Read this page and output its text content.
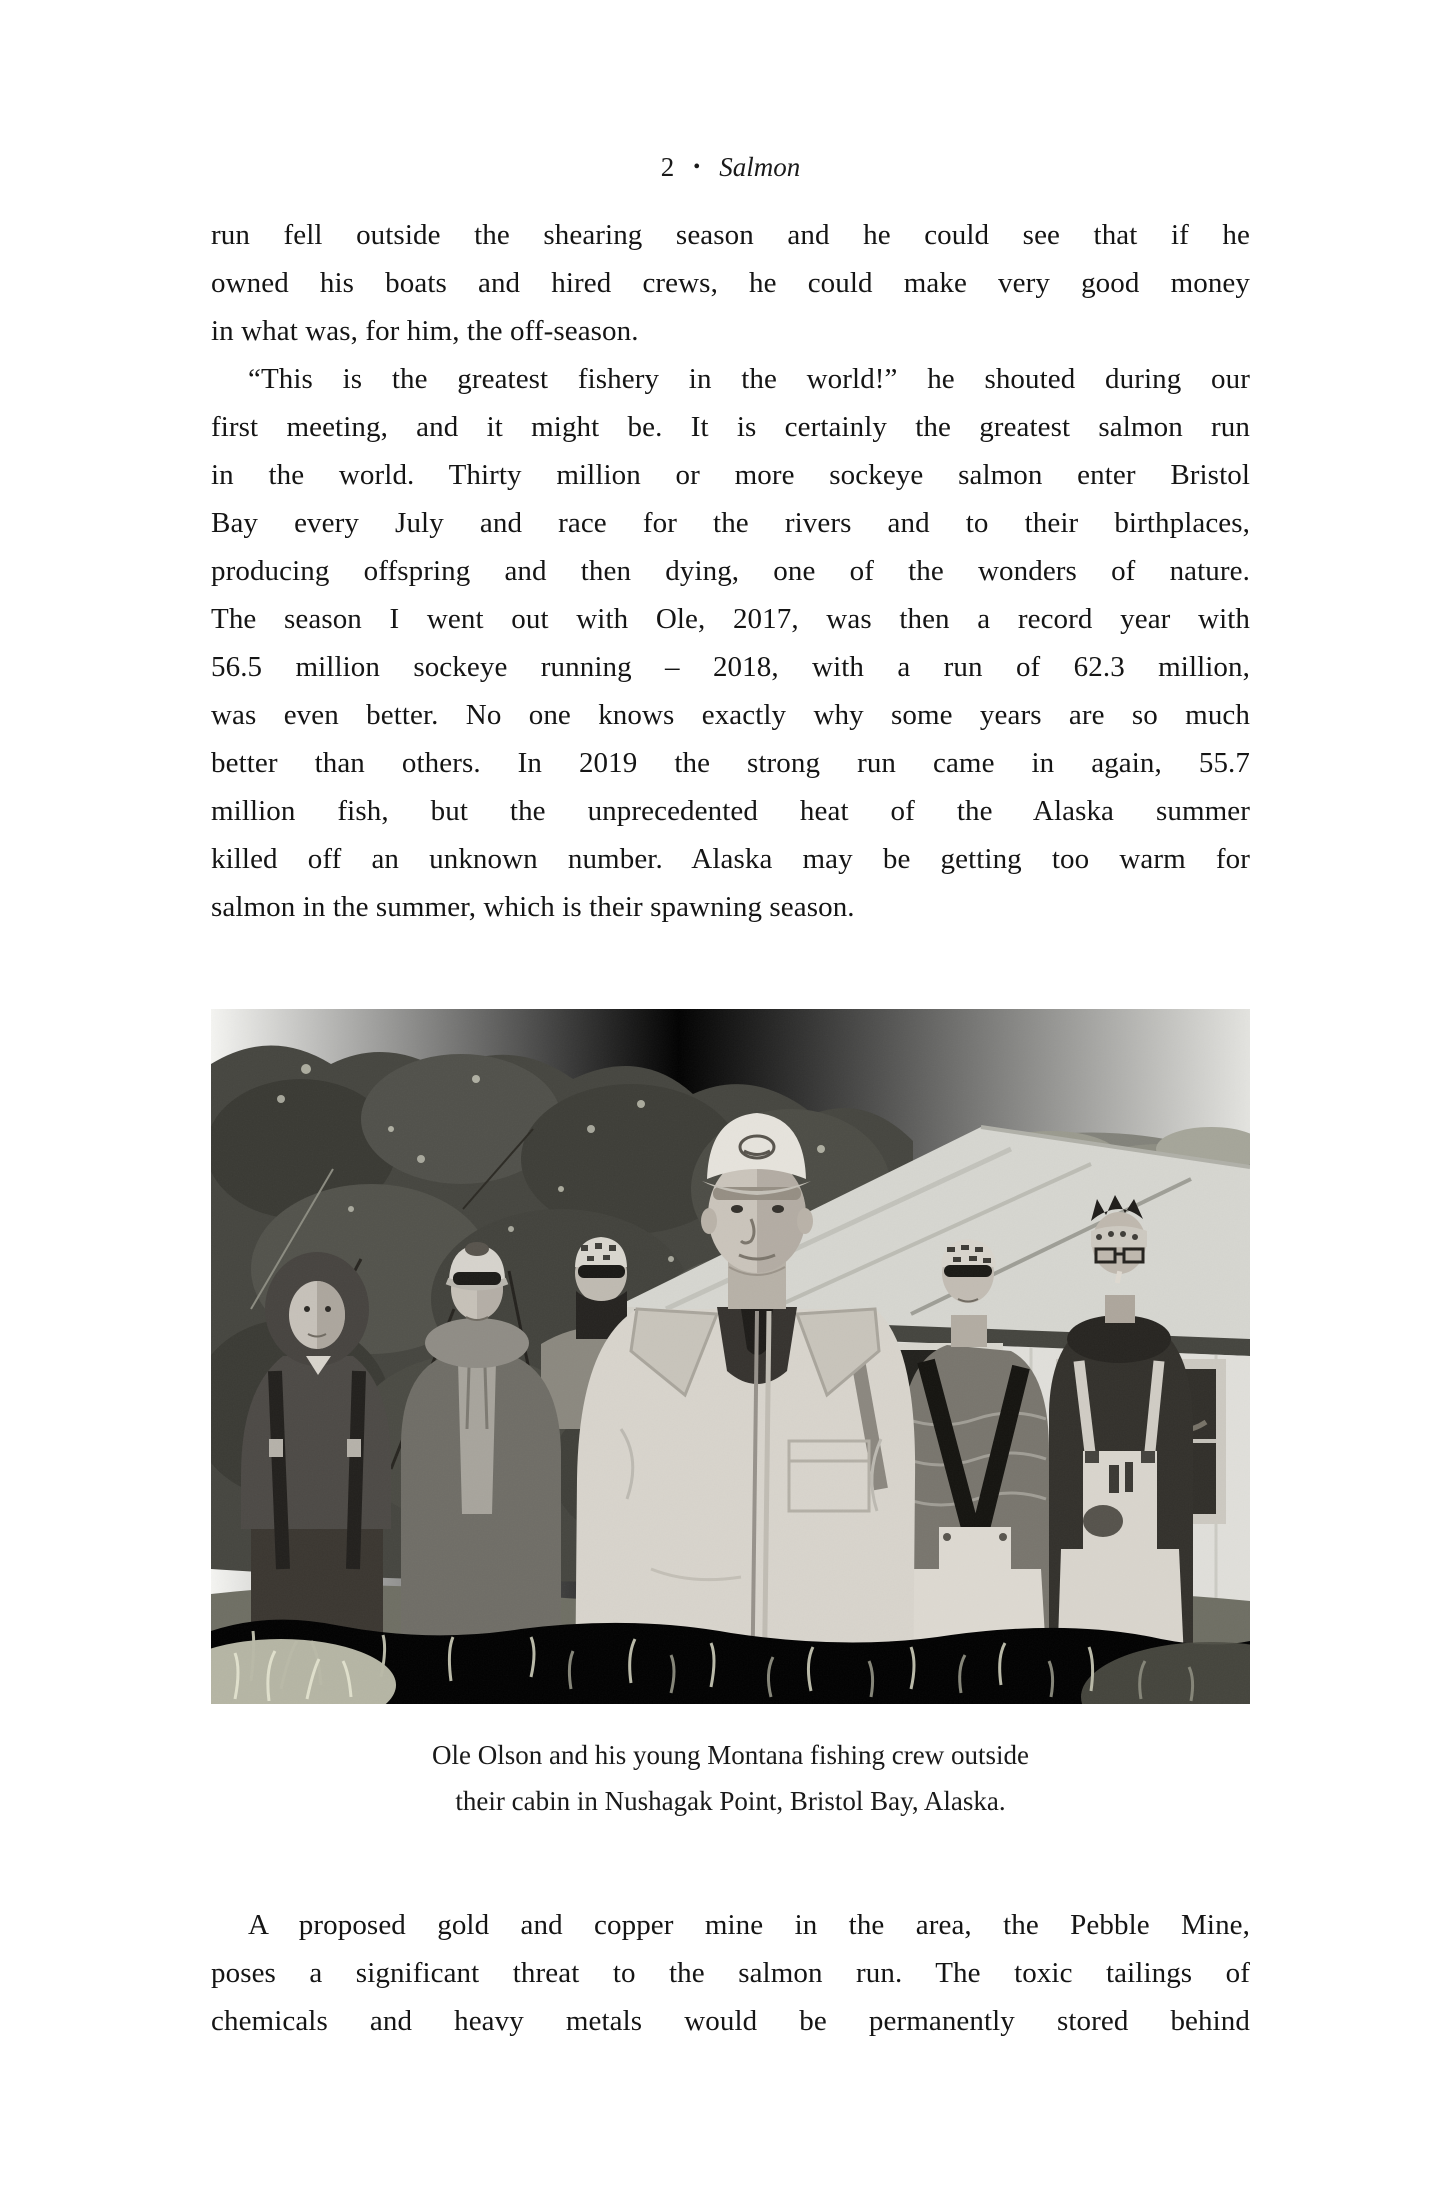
2 • Salmon
run fell outside the shearing season and he could see that if he
owned his boats and hired crews, he could make very good money
in what was, for him, the off-season.
“This is the greatest fishery in the world!” he shouted during our
first meeting, and it might be. It is certainly the greatest salmon run
in the world. Thirty million or more sockeye salmon enter Bristol
Bay every July and race for the rivers and to their birthplaces,
producing offspring and then dying, one of the wonders of nature.
The season I went out with Ole, 2017, was then a record year with
56.5 million sockeye running – 2018, with a run of 62.3 million,
was even better. No one knows exactly why some years are so much
better than others. In 2019 the strong run came in again, 55.7
million fish, but the unprecedented heat of the Alaska summer
killed off an unknown number. Alaska may be getting too warm for
salmon in the summer, which is their spawning season.
Ole Olson and his young Montana fishing crew outside
their cabin in Nushagak Point, Bristol Bay, Alaska.
A proposed gold and copper mine in the area, the Pebble Mine,
poses a significant threat to the salmon run. The toxic tailings of
chemicals and heavy metals would be permanently stored behind
